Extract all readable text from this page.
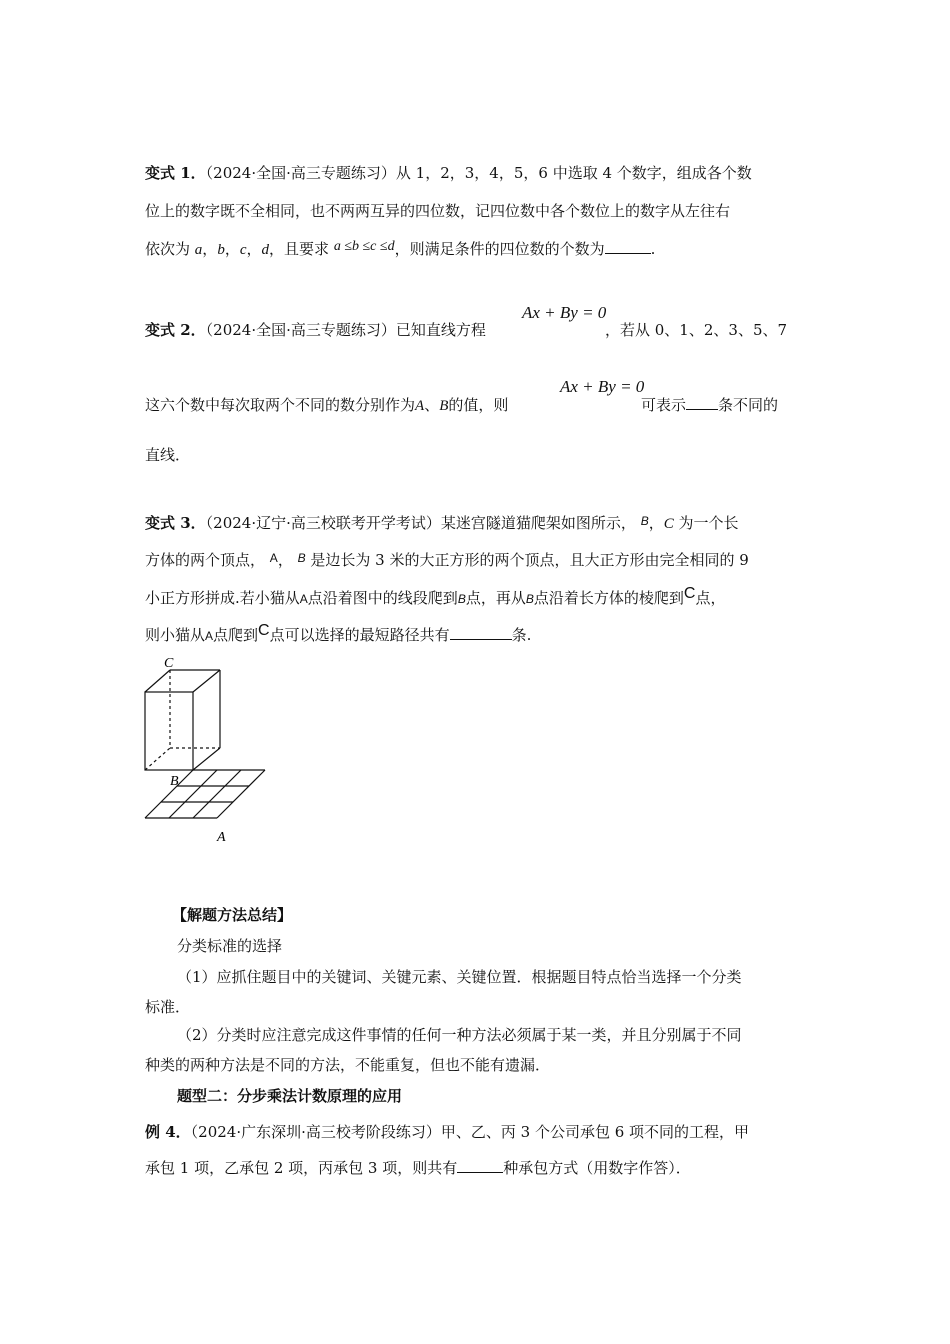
变式 1．（2024·全国·高三专题练习）从 1，2，3，4，5，6 中选取 4 个数字，组成各个数
位上的数字既不全相同，也不两两互异的四位数，记四位数中各个数位上的数字从左往右
依次为 a，b，c，d，且要求 a ≤b ≤c ≤d，则满足条件的四位数的个数为	.
Ax + By = 0
变式 2．（2024·全国·高三专题练习）已知直线方程	，若从 0、1、2、3、5、7
Ax + By = 0
这六个数中每次取两个不同的数分别作为A、B的值，则	可表示 条不同的
直线．
变式 3．（2024·辽宁·高三校联考开学考试）某迷宫隧道猫爬架如图所示， $^B$，C 为一个长
方体的两个顶点， $^A$， $^B$ 是边长为 3 米的大正方形的两个顶点，且大正方形由完全相同的 9
小正方形拼成.若小猫从A点沿着图中的线段爬到B点，再从B点沿着长方体的棱爬到C点，
则小猫从A点爬到C点可以选择的最短路径共有	条.
C
B
A
【解题方法总结】
分类标准的选择
（1）应抓住题目中的关键词、关键元素、关键位置．根据题目特点恰当选择一个分类
标准．
（2）分类时应注意完成这件事情的任何一种方法必须属于某一类，并且分别属于不同
种类的两种方法是不同的方法，不能重复，但也不能有遗漏．
题型二：分步乘法计数原理的应用
例 4．（2024·广东深圳·高三校考阶段练习）甲、乙、丙 3 个公司承包 6 项不同的工程，甲
承包 1 项，乙承包 2 项，丙承包 3 项，则共有	种承包方式（用数字作答）．
